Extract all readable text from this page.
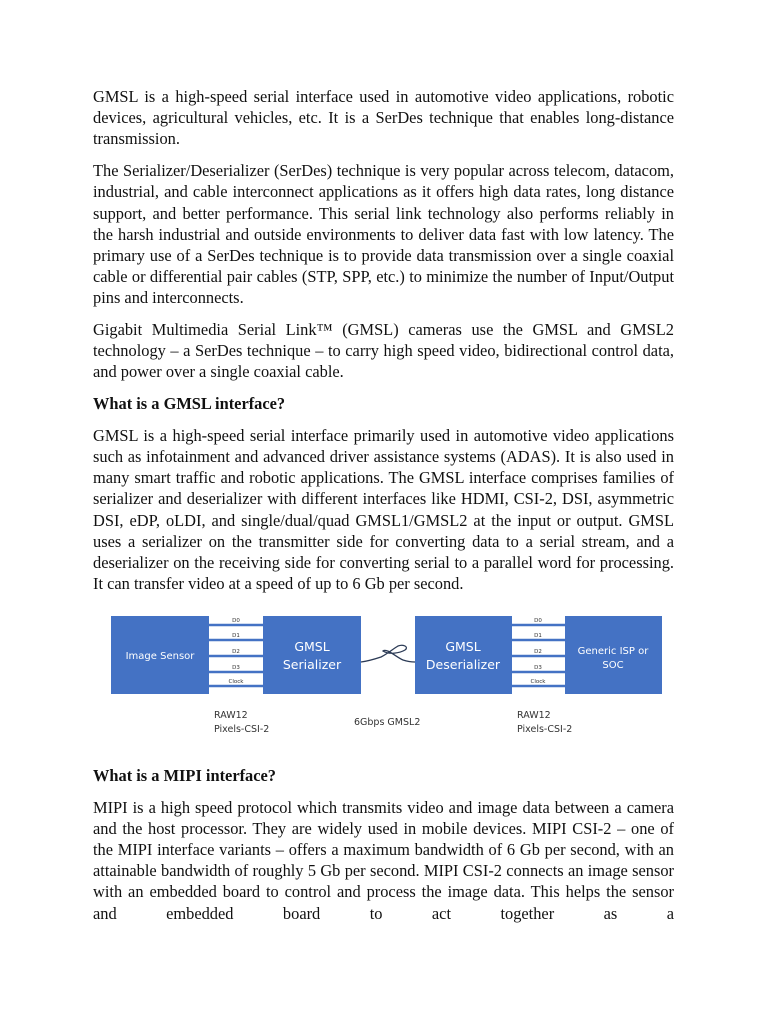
GMSL is a high-speed serial interface used in automotive video applications, robotic devices, agricultural vehicles, etc. It is a SerDes technique that enables long-distance transmission.

The Serializer/Deserializer (SerDes) technique is very popular across telecom, datacom, industrial, and cable interconnect applications as it offers high data rates, long distance support, and better performance. This serial link technology also performs reliably in the harsh industrial and outside environments to deliver data fast with low latency. The primary use of a SerDes technique is to provide data transmission over a single coaxial cable or differential pair cables (STP, SPP, etc.) to minimize the number of Input/Output pins and interconnects.

Gigabit Multimedia Serial Link™ (GMSL) cameras use the GMSL and GMSL2 technology – a SerDes technique – to carry high speed video, bidirectional control data, and power over a single coaxial cable.

What is a GMSL interface?

GMSL is a high-speed serial interface primarily used in automotive video applications such as infotainment and advanced driver assistance systems (ADAS). It is also used in many smart traffic and robotic applications. The GMSL interface comprises families of serializer and deserializer with different interfaces like HDMI, CSI-2, DSI, asymmetric DSI, eDP, oLDI, and single/dual/quad GMSL1/GMSL2 at the input or output. GMSL uses a serializer on the transmitter side for converting data to a serial stream, and a deserializer on the receiving side for converting serial to a parallel word for processing. It can transfer video at a speed of up to 6 Gb per second.

D0
D1
D2
D3
Clock
D0
D1
D2
D3
Clock
Image Sensor
GMSL
Serializer
GMSL
Deserializer
Generic ISP or
SOC
RAW12
Pixels-CSI-2
6Gbps GMSL2
RAW12
Pixels-CSI-2
What is a MIPI interface?

MIPI is a high speed protocol which transmits video and image data between a camera and the host processor. They are widely used in mobile devices. MIPI CSI-2 – one of the MIPI interface variants – offers a maximum bandwidth of 6 Gb per second, with an attainable bandwidth of roughly 5 Gb per second. MIPI CSI-2 connects an image sensor with an embedded board to control and process the image data. This helps the sensor and embedded board to act together as a
